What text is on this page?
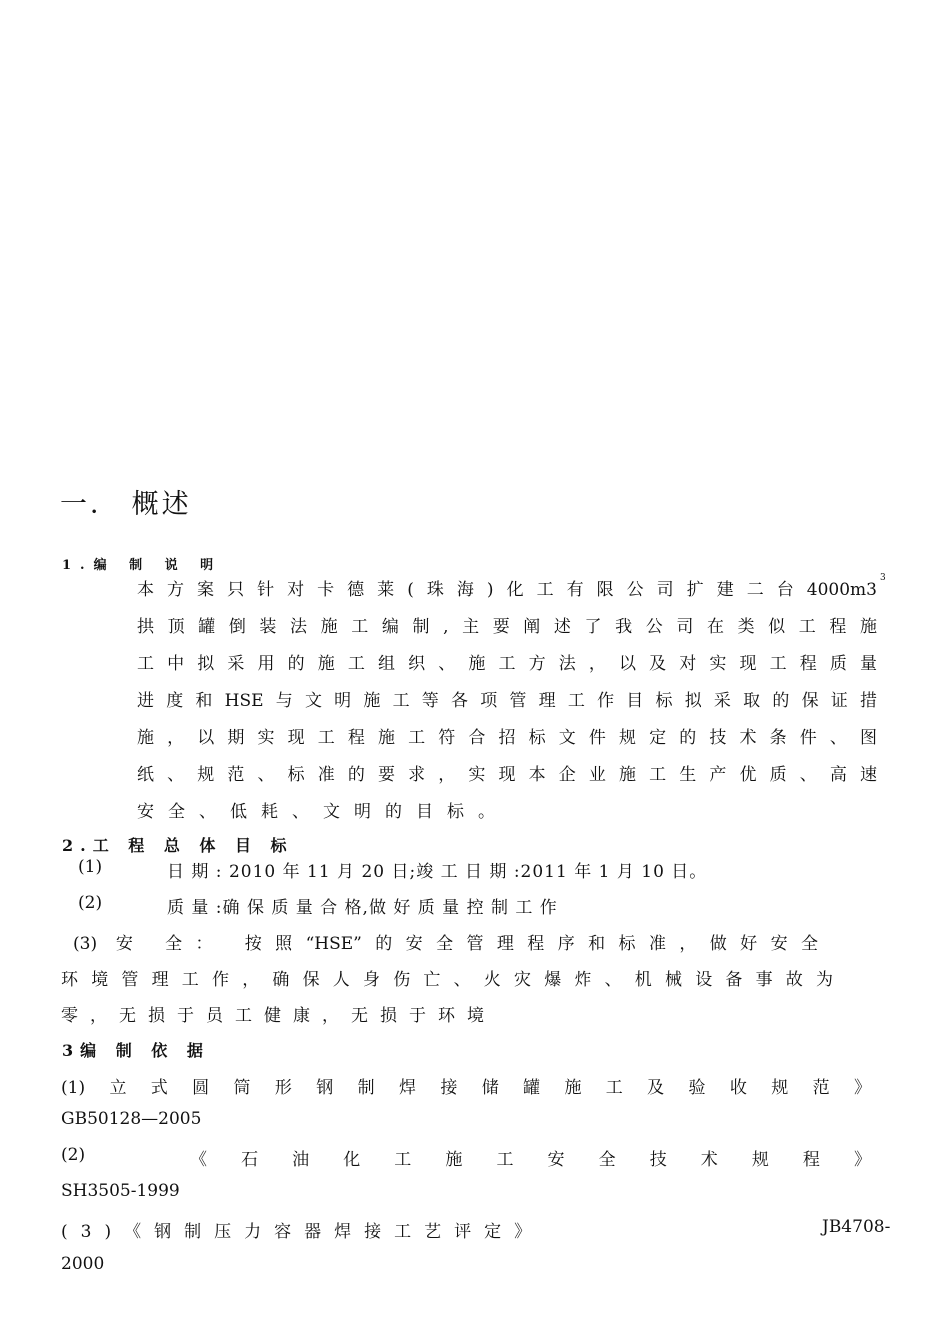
一． 概述
1.编 制 说 明
本方案只针对卡德莱(珠海)化工有限公司扩建二台4000m3
3
拱顶罐倒装法施工编制,主要阐述了我公司在类似工程施
工中拟采用的施工组织、施工方法，以及对实现工程质量
进度和HSE与文明施工等各项管理工作目标拟采取的保证措
施，以期实现工程施工符合招标文件规定的技术条件、图
纸、规范、标准的要求，实现本企业施工生产优质、高速
安全、低耗、文明的目标。
2.工 程 总 体 目 标
(1)	日 期 : 2010 年 11 月 20 日;竣 工 日 期 :2011 年 1 月 10 日。
(2)	质 量 :确 保 质 量 合 格,做 好 质 量 控 制 工 作
(3) 安 全： 按照“HSE”的安全管理程序和标准，做好安全
环境管理工作，确保人身伤亡、火灾爆炸、机械设备事故为
零，无损于员工健康，无损于环境
3编 制 依 据
(1)立式圆筒形钢制焊接储罐施工及验收规范》
GB50128—2005
(2)	《石油化工施工安全技术规程》
SH3505-1999
(3)《钢制压力容器焊接工艺评定》	JB4708-
2000
